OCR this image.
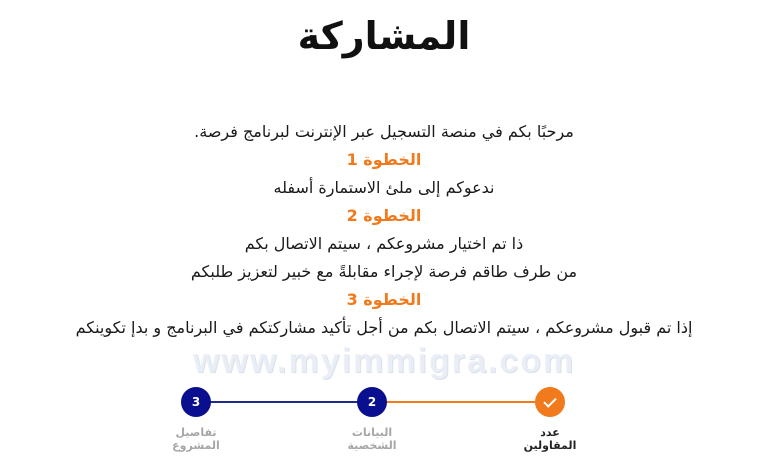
المشاركة
مرحبًا بكم في منصة التسجيل عبر الإنترنت لبرنامج فرصة.
الخطوة 1
ندعوكم إلى ملئ الاستمارة أسفله
الخطوة 2
ذا تم اختيار مشروعكم ، سيتم الاتصال بكم
من طرف طاقم فرصة لإجراء مقابلةً مع خبير لتعزيز طلبكم
الخطوة 3
إذا تم قبول مشروعكم ، سيتم الاتصال بكم من أجل تأكيد مشاركتكم في البرنامج و بدإ تكوينكم
www.myimmigra.com
3	2
تفاصيل
المشروع
البيانات
الشخصية
عدد
المقاولين
